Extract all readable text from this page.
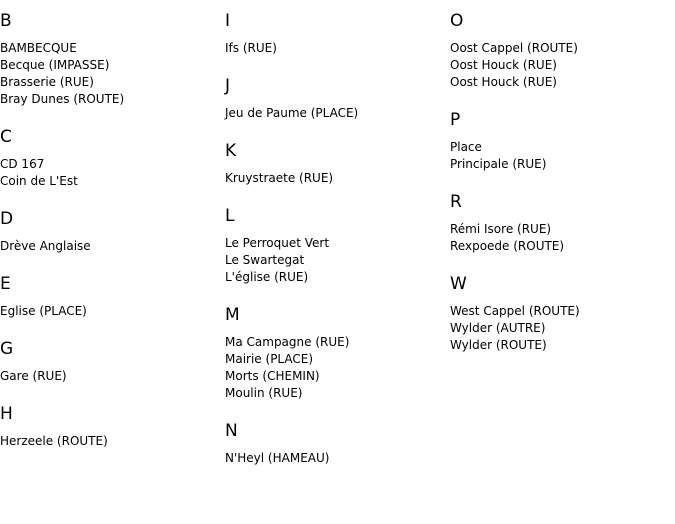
B
BAMBECQUE
Becque (IMPASSE)
Brasserie (RUE)
Bray Dunes (ROUTE)
C
CD 167
Coin de L'Est
D
Drève Anglaise
E
Eglise (PLACE)
G
Gare (RUE)
H
Herzeele (ROUTE)
I
Ifs (RUE)
J
Jeu de Paume (PLACE)
K
Kruystraete (RUE)
L
Le Perroquet Vert
Le Swartegat
L'église (RUE)
M
Ma Campagne (RUE)
Mairie (PLACE)
Morts (CHEMIN)
Moulin (RUE)
N
N'Heyl (HAMEAU)
O
Oost Cappel (ROUTE)
Oost Houck (RUE)
Oost Houck (RUE)
P
Place
Principale (RUE)
R
Rémi Isore (RUE)
Rexpoede (ROUTE)
W
West Cappel (ROUTE)
Wylder (AUTRE)
Wylder (ROUTE)
